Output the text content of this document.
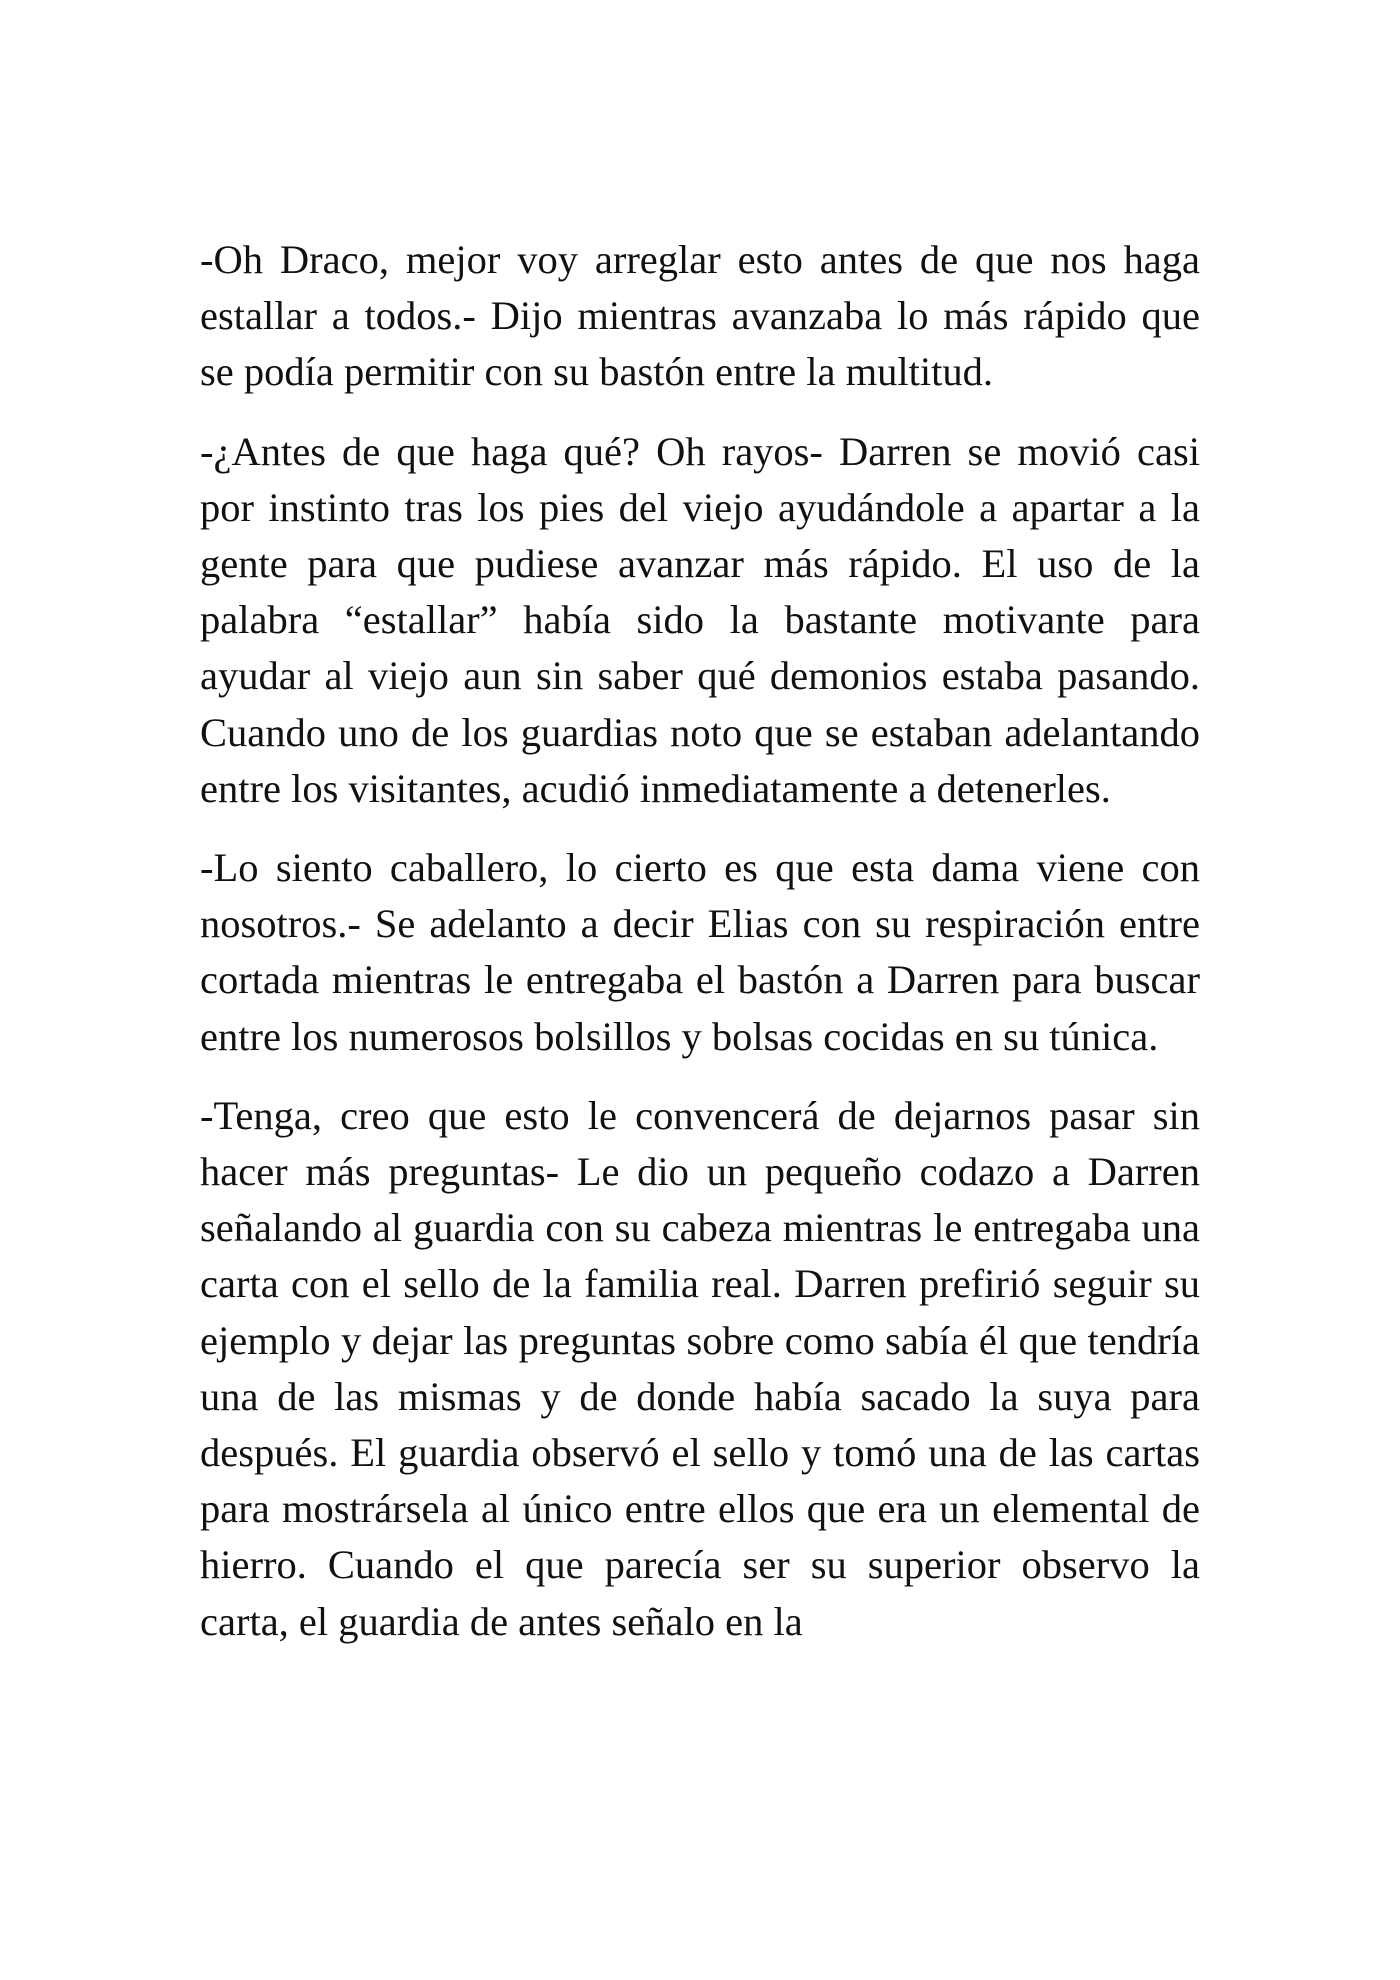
-Oh Draco, mejor voy arreglar esto antes de que nos haga estallar a todos.- Dijo mientras avanzaba lo más rápido que se podía permitir con su bastón entre la multitud.

-¿Antes de que haga qué? Oh rayos- Darren se movió casi por instinto tras los pies del viejo ayudándole a apartar a la gente para que pudiese avanzar más rápido. El uso de la palabra “estallar” había sido la bastante motivante para ayudar al viejo aun sin saber qué demonios estaba pasando. Cuando uno de los guardias noto que se estaban adelantando entre los visitantes, acudió inmediatamente a detenerles.

-Lo siento caballero, lo cierto es que esta dama viene con nosotros.- Se adelanto a decir Elias con su respiración entre cortada mientras le entregaba el bastón a Darren para buscar entre los numerosos bolsillos y bolsas cocidas en su túnica.

-Tenga, creo que esto le convencerá de dejarnos pasar sin hacer más preguntas- Le dio un pequeño codazo a Darren señalando al guardia con su cabeza mientras le entregaba una carta con el sello de la familia real. Darren prefirió seguir su ejemplo y dejar las preguntas sobre como sabía él que tendría una de las mismas y de donde había sacado la suya para después. El guardia observó el sello y tomó una de las cartas para mostrársela al único entre ellos que era un elemental de hierro. Cuando el que parecía ser su superior observo la carta, el guardia de antes señalo en la
